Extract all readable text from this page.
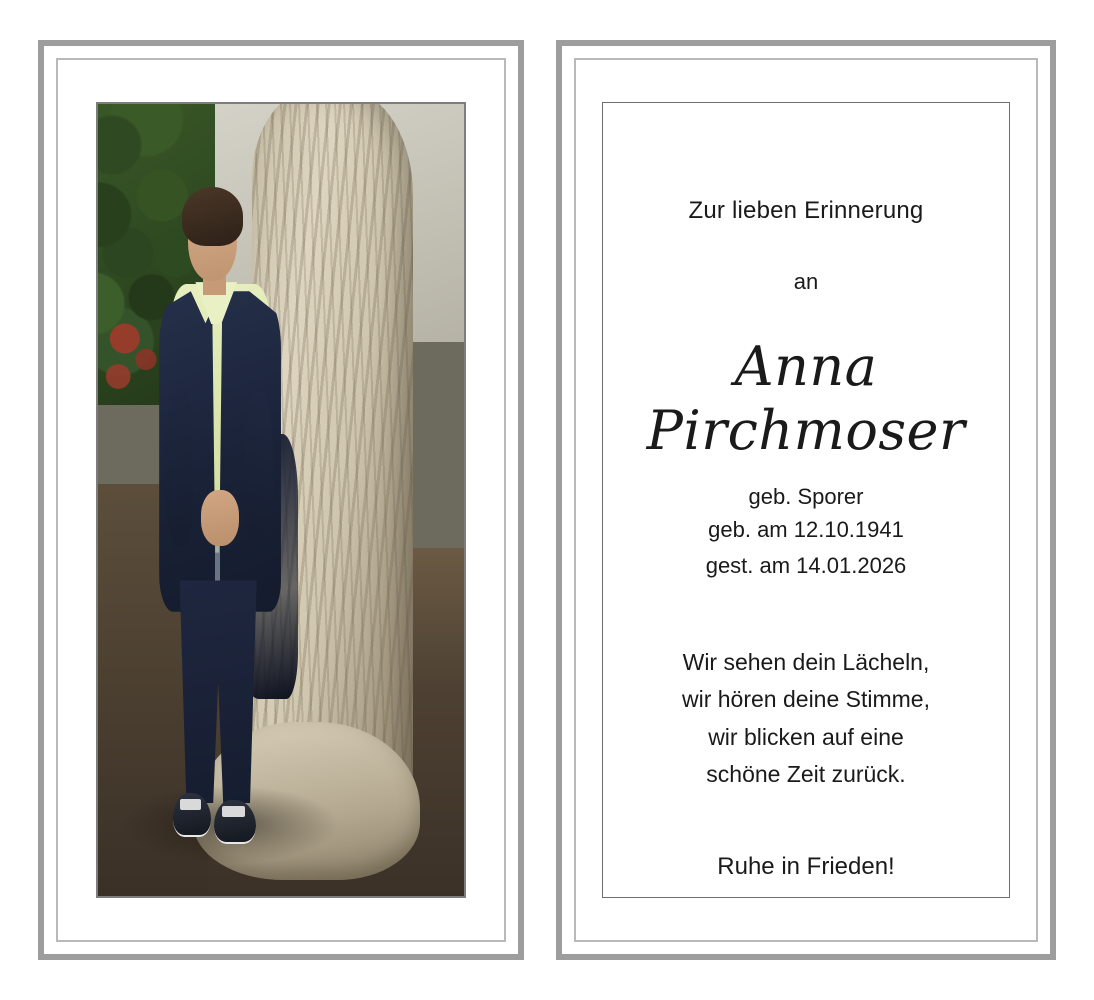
Zur lieben Erinnerung
an
Anna
Pirchmoser
geb. Sporer
geb. am 12.10.1941
gest. am 14.01.2026
Wir sehen dein Lächeln,
wir hören deine Stimme,
wir blicken auf eine
schöne Zeit zurück.
Ruhe in Frieden!
